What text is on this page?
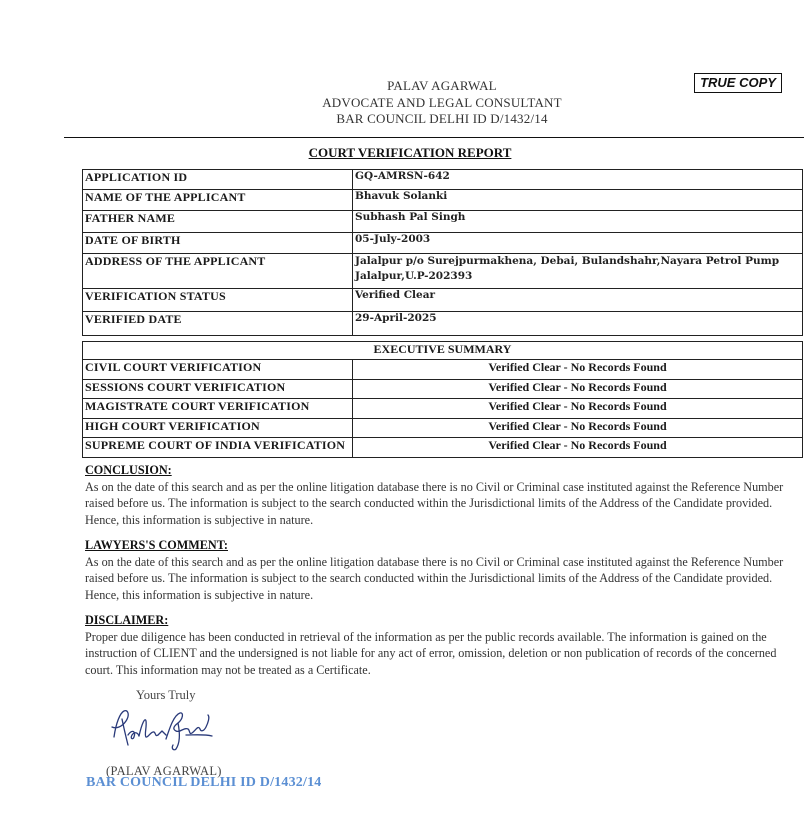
TRUE COPY
PALAV AGARWAL
ADVOCATE AND LEGAL CONSULTANT
BAR COUNCIL DELHI ID D/1432/14
COURT VERIFICATION REPORT
APPLICATION ID	GQ-AMRSN-642
NAME OF THE APPLICANT	Bhavuk Solanki
FATHER NAME	Subhash Pal Singh
DATE OF BIRTH	05-July-2003
ADDRESS OF THE APPLICANT	Jalalpur p/o Surejpurmakhena, Debai, Bulandshahr,Nayara Petrol Pump Jalalpur,U.P-202393
VERIFICATION STATUS	Verified Clear
VERIFIED DATE	29-April-2025
EXECUTIVE SUMMARY	
CIVIL COURT VERIFICATION	Verified Clear - No Records Found
SESSIONS COURT VERIFICATION	Verified Clear - No Records Found
MAGISTRATE COURT VERIFICATION	Verified Clear - No Records Found
HIGH COURT VERIFICATION	Verified Clear - No Records Found
SUPREME COURT OF INDIA VERIFICATION	Verified Clear - No Records Found
CONCLUSION:

As on the date of this search and as per the online litigation database there is no Civil or Criminal case instituted against the Reference Number raised before us. The information is subject to the search conducted within the Jurisdictional limits of the Address of the Candidate provided. Hence, this information is subjective in nature.

LAWYERS'S COMMENT:

As on the date of this search and as per the online litigation database there is no Civil or Criminal case instituted against the Reference Number raised before us. The information is subject to the search conducted within the Jurisdictional limits of the Address of the Candidate provided. Hence, this information is subjective in nature.

DISCLAIMER:

Proper due diligence has been conducted in retrieval of the information as per the public records available. The information is gained on the instruction of CLIENT and the undersigned is not liable for any act of error, omission, deletion or non publication of records of the concerned court. This information may not be treated as a Certificate.

Yours Truly
(PALAV AGARWAL)
BAR COUNCIL DELHI ID D/1432/14
